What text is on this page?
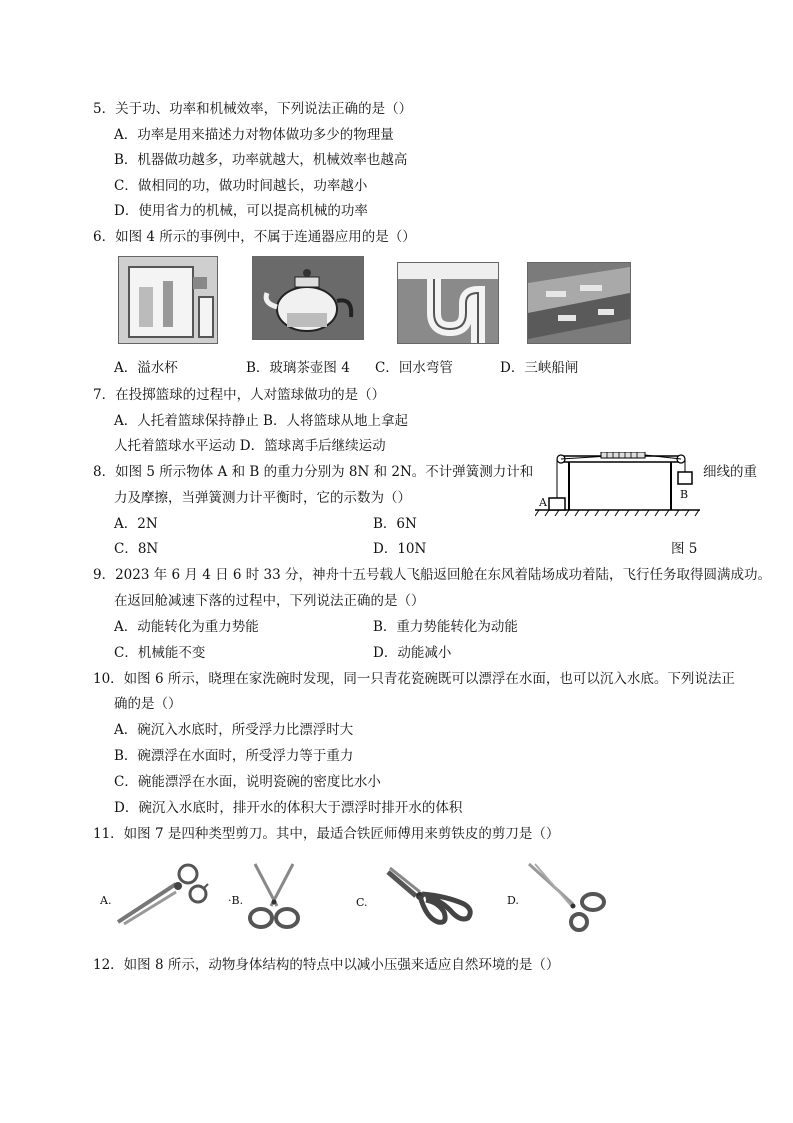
5．关于功、功率和机械效率，下列说法正确的是（）
A．功率是用来描述力对物体做功多少的物理量
B．机器做功越多，功率就越大，机械效率也越高
C．做相同的功，做功时间越长，功率越小
D．使用省力的机械，可以提高机械的功率
6．如图 4 所示的事例中，不属于连通器应用的是（）
A．溢水杯	B．玻璃茶壶图 4 C．回水弯管	D．三峡船闸
7．在投掷篮球的过程中，人对篮球做功的是（）
A．人托着篮球保持静止 B．人将篮球从地上拿起
人托着篮球水平运动 D．篮球离手后继续运动
8．如图 5 所示物体 A 和 B 的重力分别为 8N 和 2N。不计弹簧测力计和	细线的重
力及摩擦，当弹簧测力计平衡时，它的示数为（）
A．2N	B．6N
C．8N	D．10N
A
B
图 5
9．2023 年 6 月 4 日 6 时 33 分，神舟十五号载人飞船返回舱在东风着陆场成功着陆，飞行任务取得圆满成功。
在返回舱减速下落的过程中，下列说法正确的是（）
A．动能转化为重力势能	B．重力势能转化为动能
C．机械能不变	D．动能减小
10．如图 6 所示，晓理在家洗碗时发现，同一只青花瓷碗既可以漂浮在水面，也可以沉入水底。下列说法正
确的是（）
A．碗沉入水底时，所受浮力比漂浮时大
B．碗漂浮在水面时，所受浮力等于重力
C．碗能漂浮在水面，说明瓷碗的密度比水小
D．碗沉入水底时，排开水的体积大于漂浮时排开水的体积
11．如图 7 是四种类型剪刀。其中，最适合铁匠师傅用来剪铁皮的剪刀是（）
A.	·B.	C.	D.
12．如图 8 所示，动物身体结构的特点中以减小压强来适应自然环境的是（）
